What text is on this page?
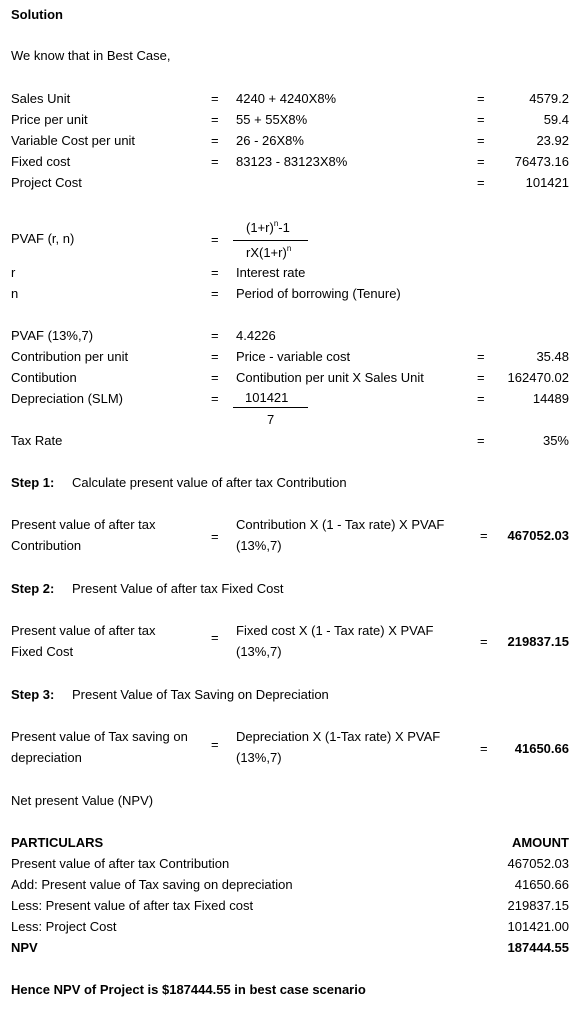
Solution
We know that in Best Case,
Sales Unit	= 4240 + 4240X8%	=	4579.2
Price per unit	= 55 + 55X8%	=	59.4
Variable Cost per unit	= 26 - 26X8%	=	23.92
Fixed cost	= 83123 - 83123X8%	= 76473.16
Project Cost	=	101421
PVAF (r, n)	=
$(1+r)^n-1$
$rX(1+r)^n$
r	= Interest rate
n	= Period of borrowing (Tenure)
PVAF (13%,7)	= 4.4226
Contribution per unit	= Price - variable cost	=	35.48
Contibution	= Contibution per unit X Sales Unit	= 162470.02
Depreciation (SLM)	= 101421
7
=	14489
Tax Rate	=	35%
Step 1: Calculate present value of after tax Contribution
Present value of after tax
Contribution
=
Contribution X (1 - Tax rate) X PVAF
(13%,7)
= 467052.03
Step 2: Present Value of after tax Fixed Cost
Present value of after tax
Fixed Cost
= Fixed cost X (1 - Tax rate) X PVAF
(13%,7)
= 219837.15
Step 3: Present Value of Tax Saving on Depreciation
Present value of Tax saving on
depreciation
=
Depreciation X (1-Tax rate) X PVAF
(13%,7)
= 41650.66
Net present Value (NPV)
PARTICULARS	AMOUNT
Present value of after tax Contribution	467052.03
Add: Present value of Tax saving on depreciation	41650.66
Less: Present value of after tax Fixed cost	219837.15
Less: Project Cost	101421.00
NPV	187444.55
Hence NPV of Project is $187444.55 in best case scenario
